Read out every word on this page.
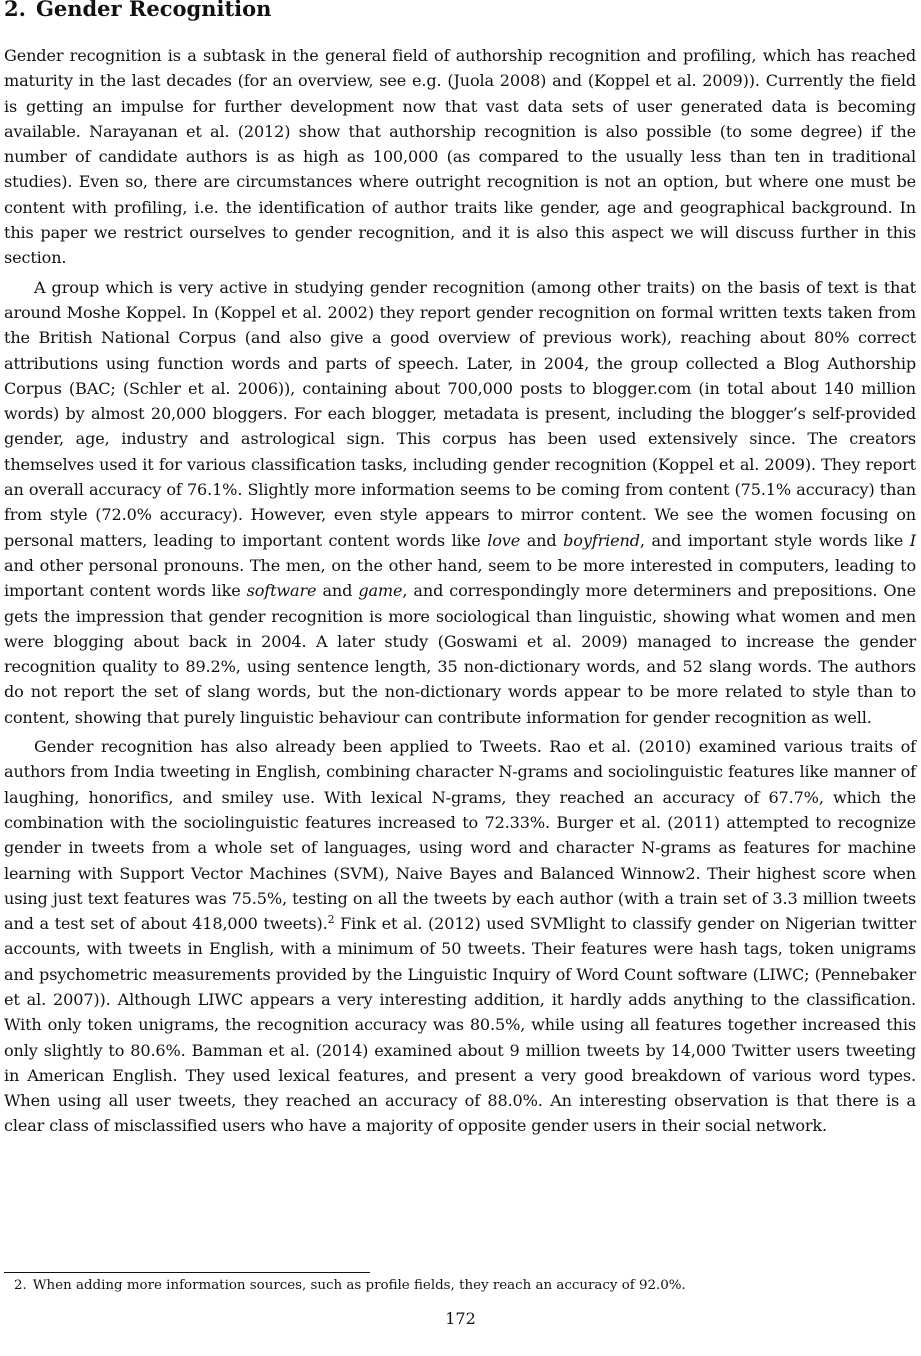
2. Gender Recognition

Gender recognition is a subtask in the general field of authorship recognition and profiling, which has reached maturity in the last decades (for an overview, see e.g. (Juola 2008) and (Koppel et al. 2009)). Currently the field is getting an impulse for further development now that vast data sets of user generated data is becoming available. Narayanan et al. (2012) show that authorship recognition is also possible (to some degree) if the number of candidate authors is as high as 100,000 (as compared to the usually less than ten in traditional studies). Even so, there are circumstances where outright recognition is not an option, but where one must be content with profiling, i.e. the identification of author traits like gender, age and geographical background. In this paper we restrict ourselves to gender recognition, and it is also this aspect we will discuss further in this section.

A group which is very active in studying gender recognition (among other traits) on the basis of text is that around Moshe Koppel. In (Koppel et al. 2002) they report gender recognition on formal written texts taken from the British National Corpus (and also give a good overview of previous work), reaching about 80% correct attributions using function words and parts of speech. Later, in 2004, the group collected a Blog Authorship Corpus (BAC; (Schler et al. 2006)), containing about 700,000 posts to blogger.com (in total about 140 million words) by almost 20,000 bloggers. For each blogger, metadata is present, including the blogger’s self-provided gender, age, industry and astrological sign. This corpus has been used extensively since. The creators themselves used it for various classification tasks, including gender recognition (Koppel et al. 2009). They report an overall accuracy of 76.1%. Slightly more information seems to be coming from content (75.1% accuracy) than from style (72.0% accuracy). However, even style appears to mirror content. We see the women focusing on personal matters, leading to important content words like love and boyfriend, and important style words like I and other personal pronouns. The men, on the other hand, seem to be more interested in computers, leading to important content words like software and game, and correspondingly more determiners and prepositions. One gets the impression that gender recognition is more sociological than linguistic, showing what women and men were blogging about back in 2004. A later study (Goswami et al. 2009) managed to increase the gender recognition quality to 89.2%, using sentence length, 35 non-dictionary words, and 52 slang words. The authors do not report the set of slang words, but the non-dictionary words appear to be more related to style than to content, showing that purely linguistic behaviour can contribute information for gender recognition as well.

Gender recognition has also already been applied to Tweets. Rao et al. (2010) examined various traits of authors from India tweeting in English, combining character N-grams and sociolinguistic features like manner of laughing, honorifics, and smiley use. With lexical N-grams, they reached an accuracy of 67.7%, which the combination with the sociolinguistic features increased to 72.33%. Burger et al. (2011) attempted to recognize gender in tweets from a whole set of languages, using word and character N-grams as features for machine learning with Support Vector Machines (SVM), Naive Bayes and Balanced Winnow2. Their highest score when using just text features was 75.5%, testing on all the tweets by each author (with a train set of 3.3 million tweets and a test set of about 418,000 tweets).$^2$ Fink et al. (2012) used SVMlight to classify gender on Nigerian twitter accounts, with tweets in English, with a minimum of 50 tweets. Their features were hash tags, token unigrams and psychometric measurements provided by the Linguistic Inquiry of Word Count software (LIWC; (Pennebaker et al. 2007)). Although LIWC appears a very interesting addition, it hardly adds anything to the classification. With only token unigrams, the recognition accuracy was 80.5%, while using all features together increased this only slightly to 80.6%. Bamman et al. (2014) examined about 9 million tweets by 14,000 Twitter users tweeting in American English. They used lexical features, and present a very good breakdown of various word types. When using all user tweets, they reached an accuracy of 88.0%. An interesting observation is that there is a clear class of misclassified users who have a majority of opposite gender users in their social network.

2. When adding more information sources, such as profile fields, they reach an accuracy of 92.0%.

172
